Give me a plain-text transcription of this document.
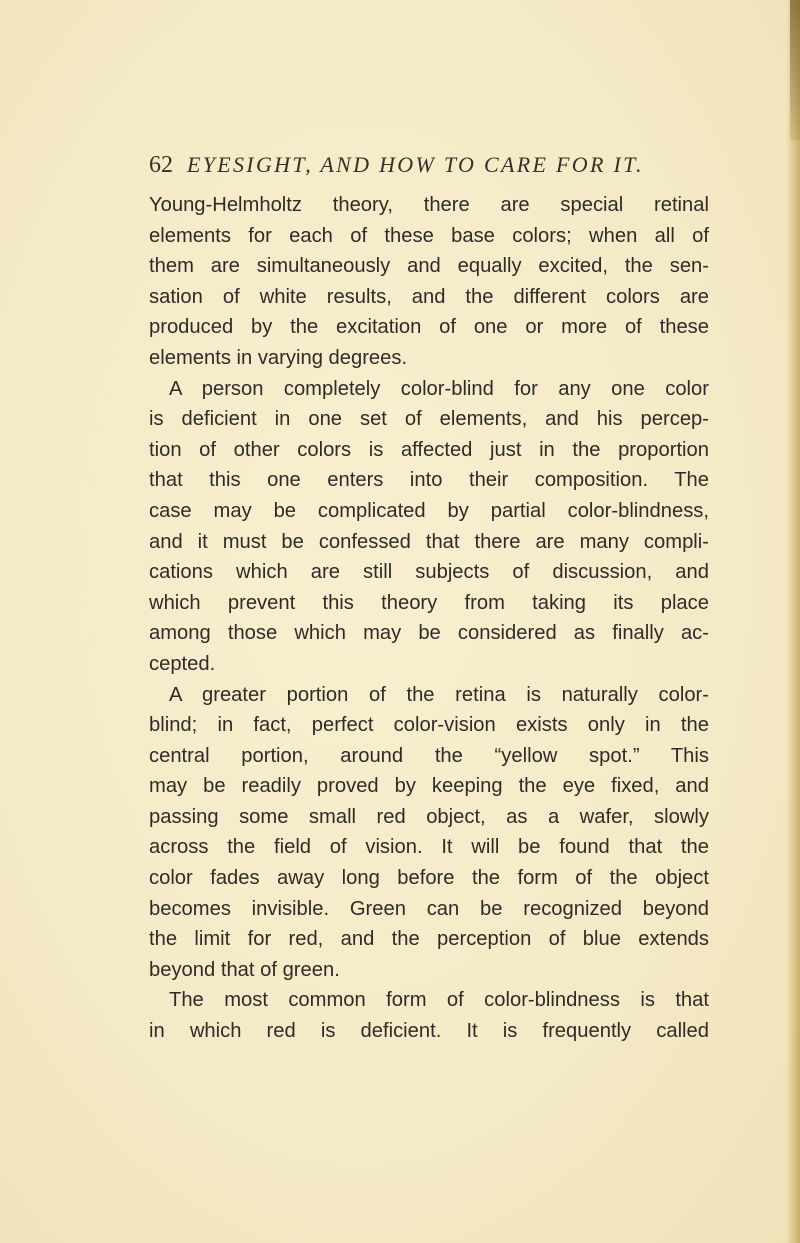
62 EYESIGHT, AND HOW TO CARE FOR IT.
Young-Helmholtz theory, there are special retinal
elements for each of these base colors; when all of
them are simultaneously and equally excited, the sen-
sation of white results, and the different colors are
produced by the excitation of one or more of these
elements in varying degrees.
A person completely color-blind for any one color
is deficient in one set of elements, and his percep-
tion of other colors is affected just in the proportion
that this one enters into their composition. The
case may be complicated by partial color-blindness,
and it must be confessed that there are many compli-
cations which are still subjects of discussion, and
which prevent this theory from taking its place
among those which may be considered as finally ac-
cepted.
A greater portion of the retina is naturally color-
blind; in fact, perfect color-vision exists only in the
central portion, around the “yellow spot.” This
may be readily proved by keeping the eye fixed, and
passing some small red object, as a wafer, slowly
across the field of vision. It will be found that the
color fades away long before the form of the object
becomes invisible. Green can be recognized beyond
the limit for red, and the perception of blue extends
beyond that of green.
The most common form of color-blindness is that
in which red is deficient. It is frequently called
